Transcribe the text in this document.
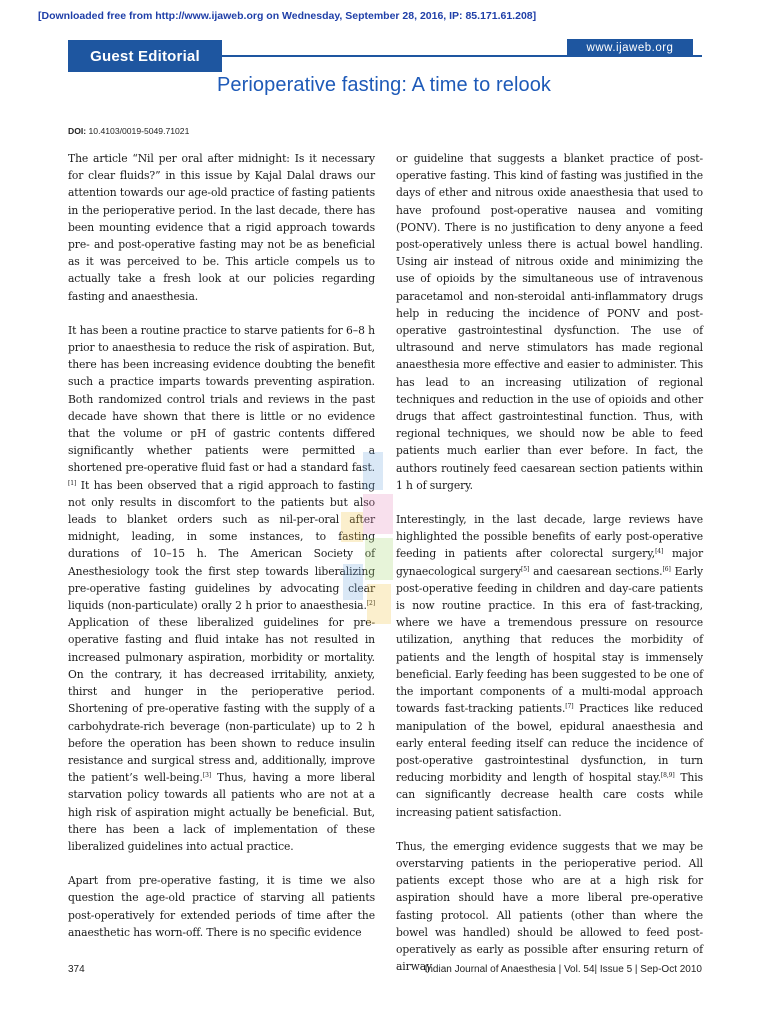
[Downloaded free from http://www.ijaweb.org on Wednesday, September 28, 2016, IP: 85.171.61.208]
Guest Editorial	www.ijaweb.org
Perioperative fasting: A time to relook
DOI: 10.4103/0019-5049.71021

The article “Nil per oral after midnight: Is it necessary for clear fluids?” in this issue by Kajal Dalal draws our attention towards our age-old practice of fasting patients in the perioperative period. In the last decade, there has been mounting evidence that a rigid approach towards pre- and post-operative fasting may not be as beneficial as it was perceived to be. This article compels us to actually take a fresh look at our policies regarding fasting and anaesthesia.

It has been a routine practice to starve patients for 6–8 h prior to anaesthesia to reduce the risk of aspiration. But, there has been increasing evidence doubting the benefit such a practice imparts towards preventing aspiration. Both randomized control trials and reviews in the past decade have shown that there is little or no evidence that the volume or pH of gastric contents differed significantly whether patients were permitted a shortened pre-operative fluid fast or had a standard fast.[1] It has been observed that a rigid approach to fasting not only results in discomfort to the patients but also leads to blanket orders such as nil-per-oral after midnight, leading, in some instances, to fasting durations of 10–15 h. The American Society of Anesthesiology took the first step towards liberalizing pre-operative fasting guidelines by advocating clear liquids (non-particulate) orally 2 h prior to anaesthesia.[2] Application of these liberalized guidelines for pre-operative fasting and fluid intake has not resulted in increased pulmonary aspiration, morbidity or mortality. On the contrary, it has decreased irritability, anxiety, thirst and hunger in the perioperative period. Shortening of pre-operative fasting with the supply of a carbohydrate-rich beverage (non-particulate) up to 2 h before the operation has been shown to reduce insulin resistance and surgical stress and, additionally, improve the patient’s well-being.[3] Thus, having a more liberal starvation policy towards all patients who are not at a high risk of aspiration might actually be beneficial. But, there has been a lack of implementation of these liberalized guidelines into actual practice.

Apart from pre-operative fasting, it is time we also question the age-old practice of starving all patients post-operatively for extended periods of time after the anaesthetic has worn-off. There is no specific evidence

or guideline that suggests a blanket practice of post-operative fasting. This kind of fasting was justified in the days of ether and nitrous oxide anaesthesia that used to have profound post-operative nausea and vomiting (PONV). There is no justification to deny anyone a feed post-operatively unless there is actual bowel handling. Using air instead of nitrous oxide and minimizing the use of opioids by the simultaneous use of intravenous paracetamol and non-steroidal anti-inflammatory drugs help in reducing the incidence of PONV and post-operative gastrointestinal dysfunction. The use of ultrasound and nerve stimulators has made regional anaesthesia more effective and easier to administer. This has lead to an increasing utilization of regional techniques and reduction in the use of opioids and other drugs that affect gastrointestinal function. Thus, with regional techniques, we should now be able to feed patients much earlier than ever before. In fact, the authors routinely feed caesarean section patients within 1 h of surgery.

Interestingly, in the last decade, large reviews have highlighted the possible benefits of early post-operative feeding in patients after colorectal surgery,[4] major gynaecological surgery[5] and caesarean sections.[6] Early post-operative feeding in children and day-care patients is now routine practice. In this era of fast-tracking, where we have a tremendous pressure on resource utilization, anything that reduces the morbidity of patients and the length of hospital stay is immensely beneficial. Early feeding has been suggested to be one of the important components of a multi-modal approach towards fast-tracking patients.[7] Practices like reduced manipulation of the bowel, epidural anaesthesia and early enteral feeding itself can reduce the incidence of post-operative gastrointestinal dysfunction, in turn reducing morbidity and length of hospital stay.[8,9] This can significantly decrease health care costs while increasing patient satisfaction.

Thus, the emerging evidence suggests that we may be overstarving patients in the perioperative period. All patients except those who are at a high risk for aspiration should have a more liberal pre-operative fasting protocol. All patients (other than where the bowel was handled) should be allowed to feed post-operatively as early as possible after ensuring return of airway

374	Indian Journal of Anaesthesia | Vol. 54| Issue 5 | Sep-Oct 2010
